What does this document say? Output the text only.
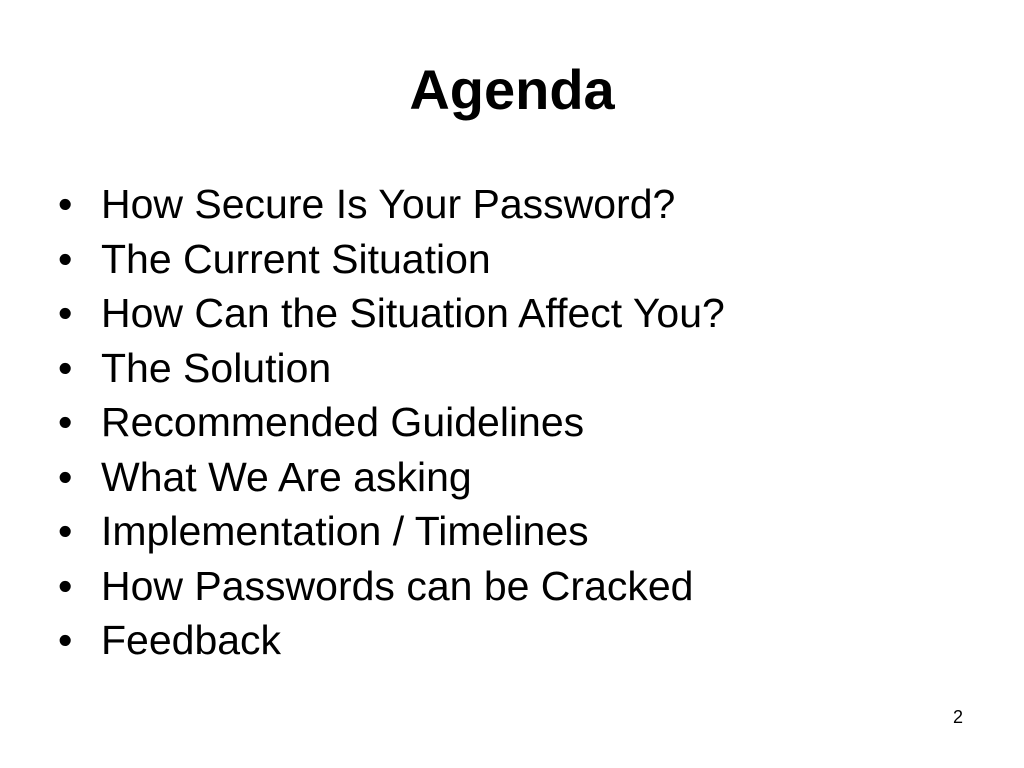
Agenda
• How Secure Is Your Password?
• The Current Situation
• How Can the Situation Affect You?
• The Solution
• Recommended Guidelines
• What We Are asking
• Implementation / Timelines
• How Passwords can be Cracked
• Feedback
2
